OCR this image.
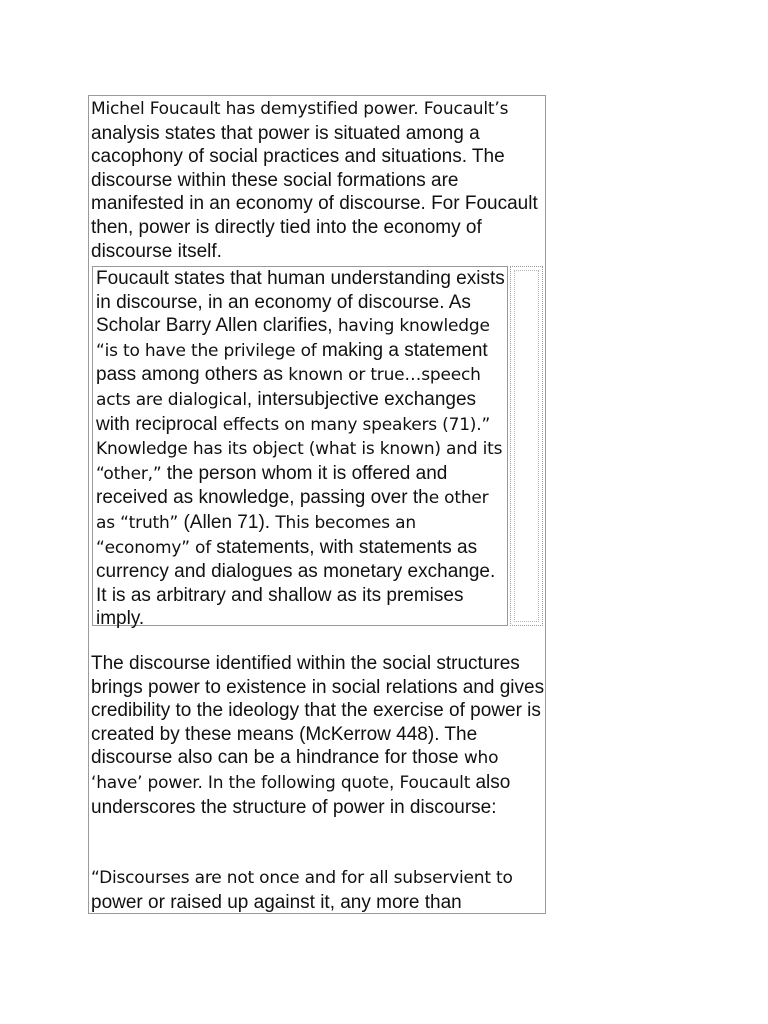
Michel Foucault has demystified power. Foucault’s analysis states that power is situated among a cacophony of social practices and situations. The discourse within these social formations are manifested in an economy of discourse. For Foucault then, power is directly tied into the economy of discourse itself.

Foucault states that human understanding exists in discourse, in an economy of discourse. As Scholar Barry Allen clarifies, having knowledge “is to have the privilege of making a statement pass among others as known or true…speech acts are dialogical, intersubjective exchanges with reciprocal effects on many speakers (71).” Knowledge has its object (what is known) and its “other,” the person whom it is offered and received as knowledge, passing over the other as “truth” (Allen 71). This becomes an “economy” of statements, with statements as currency and dialogues as monetary exchange. It is as arbitrary and shallow as its premises imply.

The discourse identified within the social structures brings power to existence in social relations and gives credibility to the ideology that the exercise of power is created by these means (McKerrow 448). The discourse also can be a hindrance for those who ‘have’ power. In the following quote, Foucault also underscores the structure of power in discourse:

“Discourses are not once and for all subservient to power or raised up against it, any more than
